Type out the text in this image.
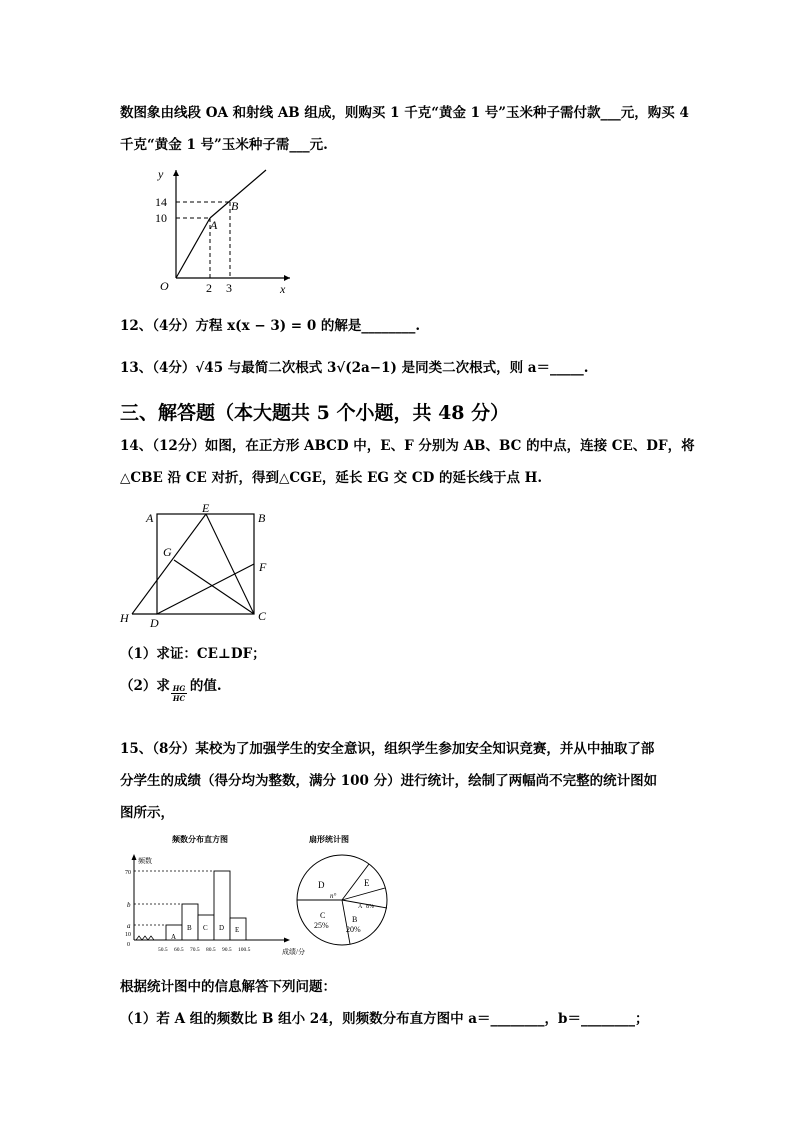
数图象由线段 OA 和射线 AB 组成，则购买 1 千克“黄金 1 号”玉米种子需付款___元，购买 4
千克“黄金 1 号”玉米种子需___元.
y
x
O
14
10
2 3
A
B
12、（4分）方程 x(x − 3) = 0 的解是________.
13、（4分）√45 与最简二次根式 3√(2a−1) 是同类二次根式，则 a＝_____.
三、解答题（本大题共 5 个小题，共 48 分）
14、（12分）如图，在正方形 ABCD 中，E、F 分别为 AB、BC 的中点，连接 CE、DF，将
△CBE 沿 CE 对折，得到△CGE，延长 EG 交 CD 的延长线于点 H.
A	B
C
D
E
F
G
H
（1）求证：CE⊥DF；
（2）求 的值.
$\frac{HG}{HC}$
15、（8分）某校为了加强学生的安全意识，组织学生参加安全知识竞赛，并从中抽取了部
分学生的成绩（得分均为整数，满分 100 分）进行统计，绘制了两幅尚不完整的统计图如
图所示，
频数分布直方图
频数
成绩/分
70
b
a
10
0
A
B C D E
50.5 60.5 70.5 80.5 90.5 100.5
扇形统计图
D
n°
E
A 8%
C
25%
B
20%
根据统计图中的信息解答下列问题：
（1）若 A 组的频数比 B 组小 24，则频数分布直方图中 a＝________，b＝________；
